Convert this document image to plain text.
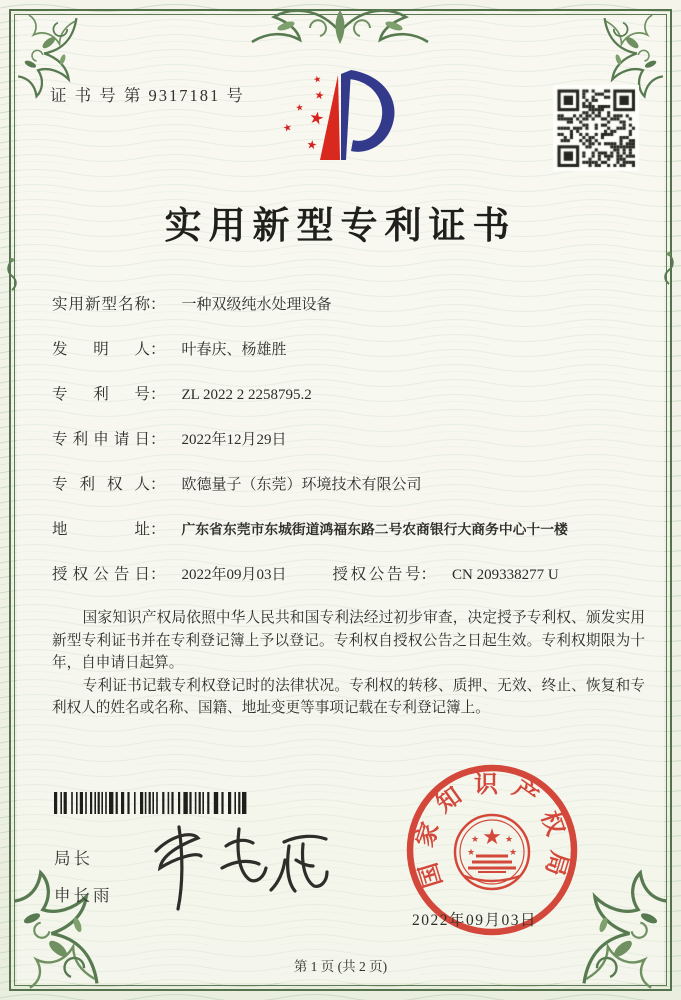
证 书 号 第 9317181 号
★
★
★ ★
★
★
实用新型专利证书
实用新型名称： 一种双级纯水处理设备
发明人： 叶春庆、杨雄胜
专利号： ZL 2022 2 2258795.2
专利申请日： 2022年12月29日
专利权人： 欧德量子（东莞）环境技术有限公司
地址： 广东省东莞市东城街道鸿福东路二号农商银行大商务中心十一楼
授权公告日： 2022年09月03日	授权公告号： CN 209338277 U

国家知识产权局依照中华人民共和国专利法经过初步审查，决定授予专利权、颁发实用新型专利证书并在专利登记簿上予以登记。专利权自授权公告之日起生效。专利权期限为十年，自申请日起算。

专利证书记载专利权登记时的法律状况。专利权的转移、质押、无效、终止、恢复和专利权人的姓名或名称、国籍、地址变更等事项记载在专利登记簿上。

局长
申长雨
国家知识产权局
★
★	★
★	★
2022年09月03日
第 1 页 (共 2 页)
